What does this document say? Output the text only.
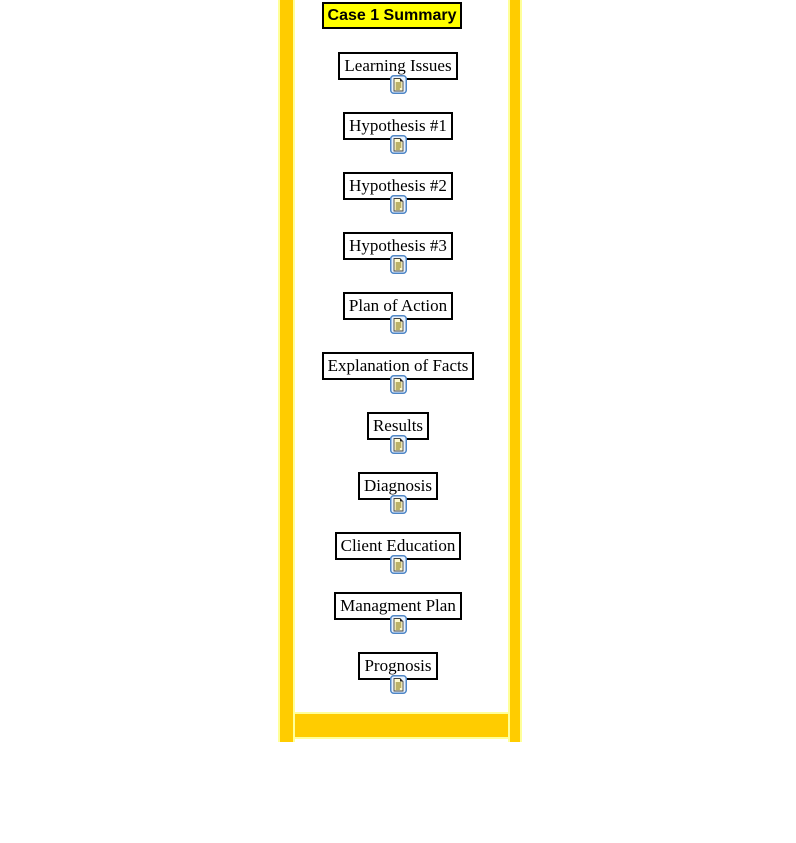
Case 1 Summary
Learning Issues
Hypothesis #1
Hypothesis #2
Hypothesis #3
Plan of Action
Explanation of Facts
Results
Diagnosis
Client Education
Managment Plan
Prognosis
